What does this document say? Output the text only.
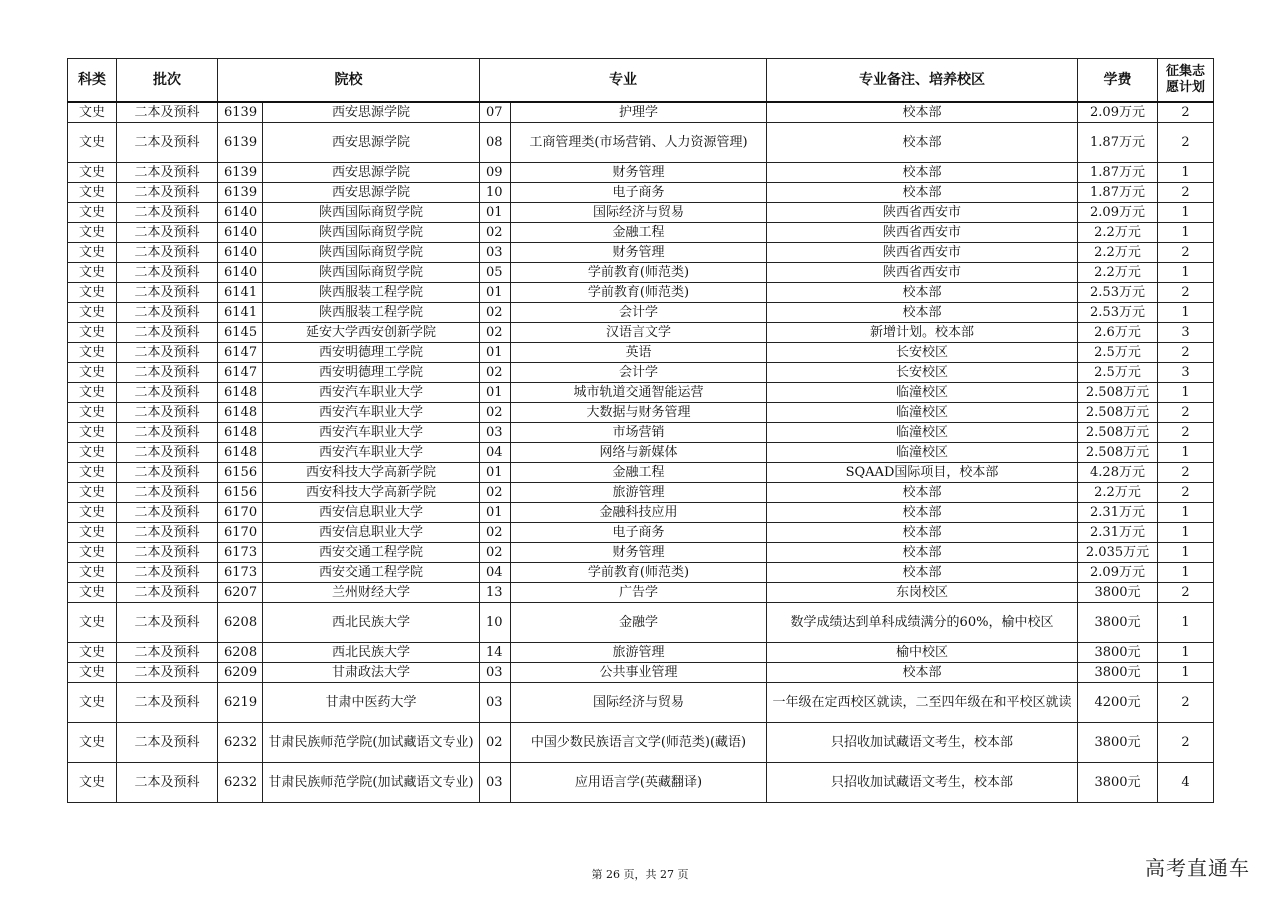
科类	批次	院校		专业		专业备注、培养校区	学费	征集志愿计划
文史	二本及预科	6139	西安思源学院	07	护理学	校本部	2.09万元	2
文史	二本及预科	6139	西安思源学院	08	工商管理类(市场营销、人力资源管理)	校本部	1.87万元	2
文史	二本及预科	6139	西安思源学院	09	财务管理	校本部	1.87万元	1
文史	二本及预科	6139	西安思源学院	10	电子商务	校本部	1.87万元	2
文史	二本及预科	6140	陕西国际商贸学院	01	国际经济与贸易	陕西省西安市	2.09万元	1
文史	二本及预科	6140	陕西国际商贸学院	02	金融工程	陕西省西安市	2.2万元	1
文史	二本及预科	6140	陕西国际商贸学院	03	财务管理	陕西省西安市	2.2万元	2
文史	二本及预科	6140	陕西国际商贸学院	05	学前教育(师范类)	陕西省西安市	2.2万元	1
文史	二本及预科	6141	陕西服装工程学院	01	学前教育(师范类)	校本部	2.53万元	2
文史	二本及预科	6141	陕西服装工程学院	02	会计学	校本部	2.53万元	1
文史	二本及预科	6145	延安大学西安创新学院	02	汉语言文学	新增计划。校本部	2.6万元	3
文史	二本及预科	6147	西安明德理工学院	01	英语	长安校区	2.5万元	2
文史	二本及预科	6147	西安明德理工学院	02	会计学	长安校区	2.5万元	3
文史	二本及预科	6148	西安汽车职业大学	01	城市轨道交通智能运营	临潼校区	2.508万元	1
文史	二本及预科	6148	西安汽车职业大学	02	大数据与财务管理	临潼校区	2.508万元	2
文史	二本及预科	6148	西安汽车职业大学	03	市场营销	临潼校区	2.508万元	2
文史	二本及预科	6148	西安汽车职业大学	04	网络与新媒体	临潼校区	2.508万元	1
文史	二本及预科	6156	西安科技大学高新学院	01	金融工程	SQAAD国际项目，校本部	4.28万元	2
文史	二本及预科	6156	西安科技大学高新学院	02	旅游管理	校本部	2.2万元	2
文史	二本及预科	6170	西安信息职业大学	01	金融科技应用	校本部	2.31万元	1
文史	二本及预科	6170	西安信息职业大学	02	电子商务	校本部	2.31万元	1
文史	二本及预科	6173	西安交通工程学院	02	财务管理	校本部	2.035万元	1
文史	二本及预科	6173	西安交通工程学院	04	学前教育(师范类)	校本部	2.09万元	1
文史	二本及预科	6207	兰州财经大学	13	广告学	东岗校区	3800元	2
文史	二本及预科	6208	西北民族大学	10	金融学	数学成绩达到单科成绩满分的60%，榆中校区	3800元	1
文史	二本及预科	6208	西北民族大学	14	旅游管理	榆中校区	3800元	1
文史	二本及预科	6209	甘肃政法大学	03	公共事业管理	校本部	3800元	1
文史	二本及预科	6219	甘肃中医药大学	03	国际经济与贸易	一年级在定西校区就读，二至四年级在和平校区就读	4200元	2
文史	二本及预科	6232	甘肃民族师范学院(加试藏语文专业)	02	中国少数民族语言文学(师范类)(藏语)	只招收加试藏语文考生，校本部	3800元	2
文史	二本及预科	6232	甘肃民族师范学院(加试藏语文专业)	03	应用语言学(英藏翻译)	只招收加试藏语文考生，校本部	3800元	4
第 26 页，共 27 页	高考直通车
